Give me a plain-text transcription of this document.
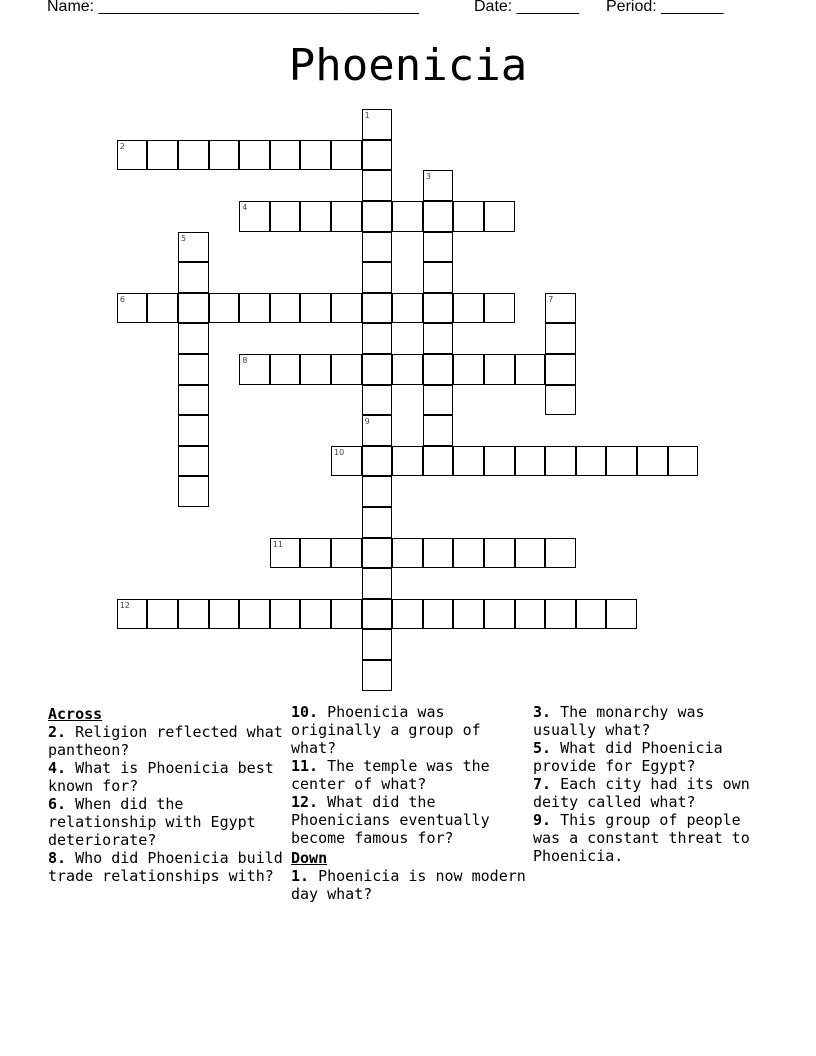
Name: ____________________________________	Date: _______ Period: _______
Phoenicia
1
2
3
4
5
6	7
8
9
10
11
12
Across
2. Religion reflected what pantheon?
4. What is Phoenicia best known for?
6. When did the relationship with Egypt deteriorate?
8. Who did Phoenicia build trade relationships with?
10. Phoenicia was originally a group of what?
11. The temple was the center of what?
12. What did the Phoenicians eventually become famous for?
Down
1. Phoenicia is now modern day what?
3. The monarchy was usually what?
5. What did Phoenicia provide for Egypt?
7. Each city had its own deity called what?
9. This group of people was a constant threat to Phoenicia.
